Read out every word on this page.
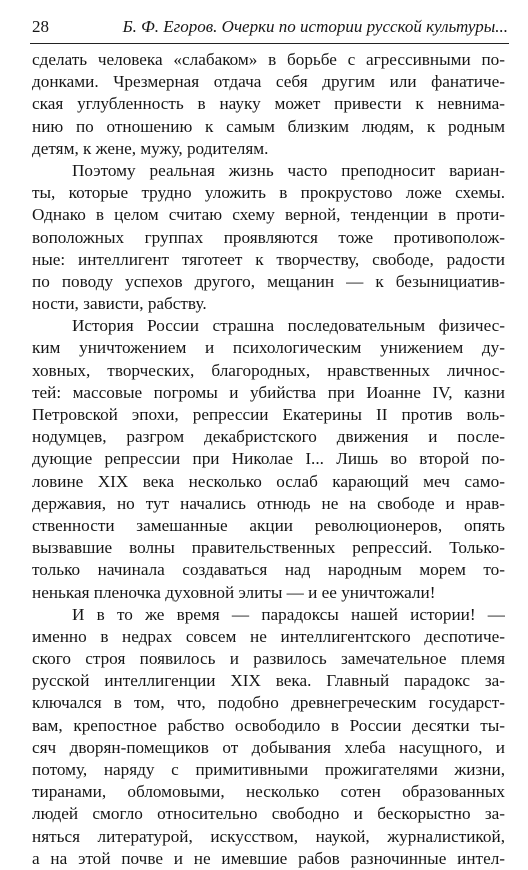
28	Б. Ф. Егоров. Очерки по истории русской культуры...
сделать человека «слабаком» в борьбе с агрессивными по-
донками. Чрезмерная отдача себя другим или фанатиче-
ская углубленность в науку может привести к невнима-
нию по отношению к самым близким людям, к родным
детям, к жене, мужу, родителям.
Поэтому реальная жизнь часто преподносит вариан-
ты, которые трудно уложить в прокрустово ложе схемы.
Однако в целом считаю схему верной, тенденции в проти-
воположных группах проявляются тоже противополож-
ные: интеллигент тяготеет к творчеству, свободе, радости
по поводу успехов другого, мещанин — к безынициатив-
ности, зависти, рабству.
История России страшна последовательным физичес-
ким уничтожением и психологическим унижением ду-
ховных, творческих, благородных, нравственных личнос-
тей: массовые погромы и убийства при Иоанне IV, казни
Петровской эпохи, репрессии Екатерины II против воль-
нодумцев, разгром декабристского движения и после-
дующие репрессии при Николае I... Лишь во второй по-
ловине XIX века несколько ослаб карающий меч само-
державия, но тут начались отнюдь не на свободе и нрав-
ственности замешанные акции революционеров, опять
вызвавшие волны правительственных репрессий. Только-
только начинала создаваться над народным морем то-
ненькая пленочка духовной элиты — и ее уничтожали!
И в то же время — парадоксы нашей истории! —
именно в недрах совсем не интеллигентского деспотиче-
ского строя появилось и развилось замечательное племя
русской интеллигенции XIX века. Главный парадокс за-
ключался в том, что, подобно древнегреческим государст-
вам, крепостное рабство освободило в России десятки ты-
сяч дворян-помещиков от добывания хлеба насущного, и
потому, наряду с примитивными прожигателями жизни,
тиранами, обломовыми, несколько сотен образованных
людей смогло относительно свободно и бескорыстно за-
няться литературой, искусством, наукой, журналистикой,
а на этой почве и не имевшие рабов разночинные интел-
